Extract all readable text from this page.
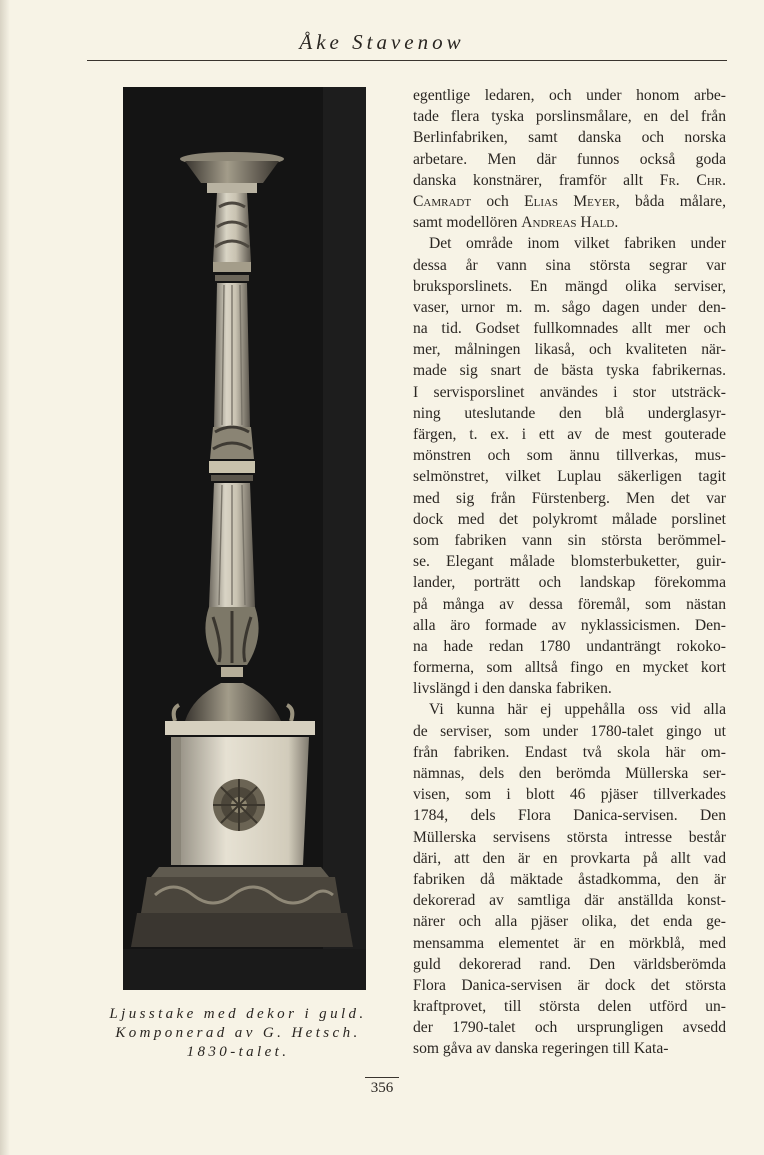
Åke Stavenow
Ljusstake med dekor i guld.
Komponerad av G. Hetsch.
1830-talet.
egentlige ledaren, och under honom arbe-
tade flera tyska porslinsmålare, en del från
Berlinfabriken, samt danska och norska
arbetare. Men där funnos också goda
danska konstnärer, framför allt Fr. Chr.
Camradt och Elias Meyer, båda målare,
samt modellören Andreas Hald.
Det område inom vilket fabriken under
dessa år vann sina största segrar var
bruksporslinets. En mängd olika serviser,
vaser, urnor m. m. sågo dagen under den-
na tid. Godset fullkomnades allt mer och
mer, målningen likaså, och kvaliteten när-
made sig snart de bästa tyska fabrikernas.
I servisporslinet användes i stor utsträck-
ning uteslutande den blå underglasyr-
färgen, t. ex. i ett av de mest gouterade
mönstren och som ännu tillverkas, mus-
selmönstret, vilket Luplau säkerligen tagit
med sig från Fürstenberg. Men det var
dock med det polykromt målade porslinet
som fabriken vann sin största berömmel-
se. Elegant målade blomsterbuketter, guir-
lander, porträtt och landskap förekomma
på många av dessa föremål, som nästan
alla äro formade av nyklassicismen. Den-
na hade redan 1780 undanträngt rokoko-
formerna, som alltså fingo en mycket kort
livslängd i den danska fabriken.
Vi kunna här ej uppehålla oss vid alla
de serviser, som under 1780-talet gingo ut
från fabriken. Endast två skola här om-
nämnas, dels den berömda Müllerska ser-
visen, som i blott 46 pjäser tillverkades
1784, dels Flora Danica-servisen. Den
Müllerska servisens största intresse består
däri, att den är en provkarta på allt vad
fabriken då mäktade åstadkomma, den är
dekorerad av samtliga där anställda konst-
närer och alla pjäser olika, det enda ge-
mensamma elementet är en mörkblå, med
guld dekorerad rand. Den världsberömda
Flora Danica-servisen är dock det största
kraftprovet, till största delen utförd un-
der 1790-talet och ursprungligen avsedd
som gåva av danska regeringen till Kata-
356
